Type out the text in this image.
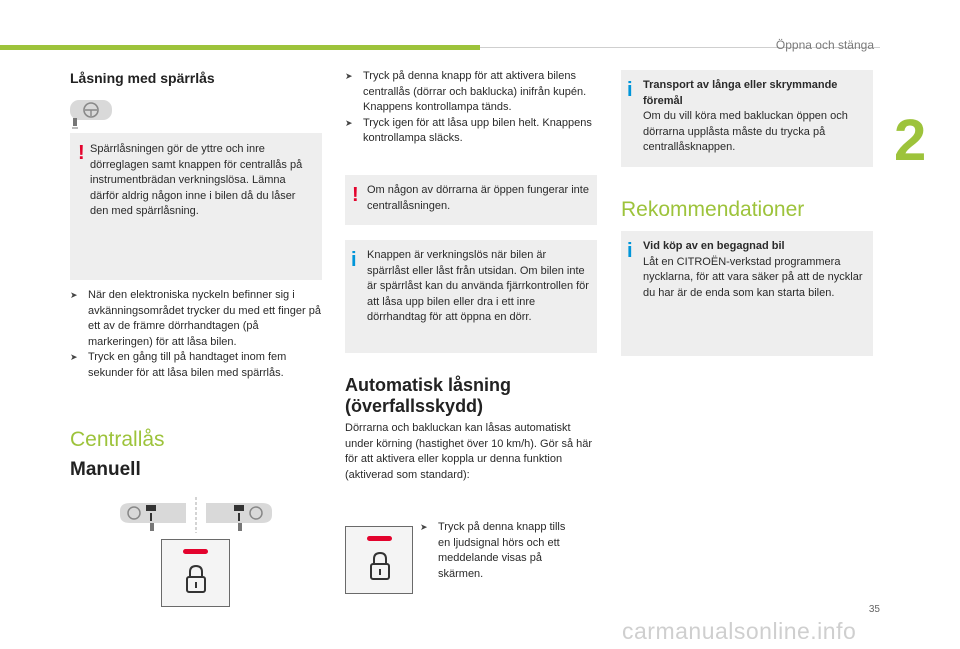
Öppna och stänga
2
Låsning med spärrlås
! Spärrlåsningen gör de yttre och inre dörreglagen samt knappen för centrallås på instrumentbrädan verkningslösa. Lämna därför aldrig någon inne i bilen då du låser den med spärrlåsning.
➤ När den elektroniska nyckeln befinner sig i avkänningsområdet trycker du med ett finger på ett av de främre dörrhandtagen (på markeringen) för att låsa bilen.
➤ Tryck en gång till på handtaget inom fem sekunder för att låsa bilen med spärrlås.
Centrallås
Manuell
➤ Tryck på denna knapp för att aktivera bilens centrallås (dörrar och baklucka) inifrån kupén. Knappens kontrollampa tänds.
➤ Tryck igen för att låsa upp bilen helt. Knappens kontrollampa släcks.
! Om någon av dörrarna är öppen fungerar inte centrallåsningen.
i Knappen är verkningslös när bilen är spärrlåst eller låst från utsidan. Om bilen inte är spärrlåst kan du använda fjärrkontrollen för att låsa upp bilen eller dra i ett inre dörrhandtag för att öppna en dörr.
Automatisk låsning
(överfallsskydd)
Dörrarna och bakluckan kan låsas automatiskt under körning (hastighet över 10 km/h). Gör så här för att aktivera eller koppla ur denna funktion (aktiverad som standard):
➤ Tryck på denna knapp tills en ljudsignal hörs och ett meddelande visas på skärmen.
i Transport av långa eller skrymmande föremål
Om du vill köra med bakluckan öppen och dörrarna upplåsta måste du trycka på centrallåsknappen.
Rekommendationer
i Vid köp av en begagnad bil
Låt en CITROËN-verkstad programmera nycklarna, för att vara säker på att de nycklar du har är de enda som kan starta bilen.
35
carmanualsonline.info
